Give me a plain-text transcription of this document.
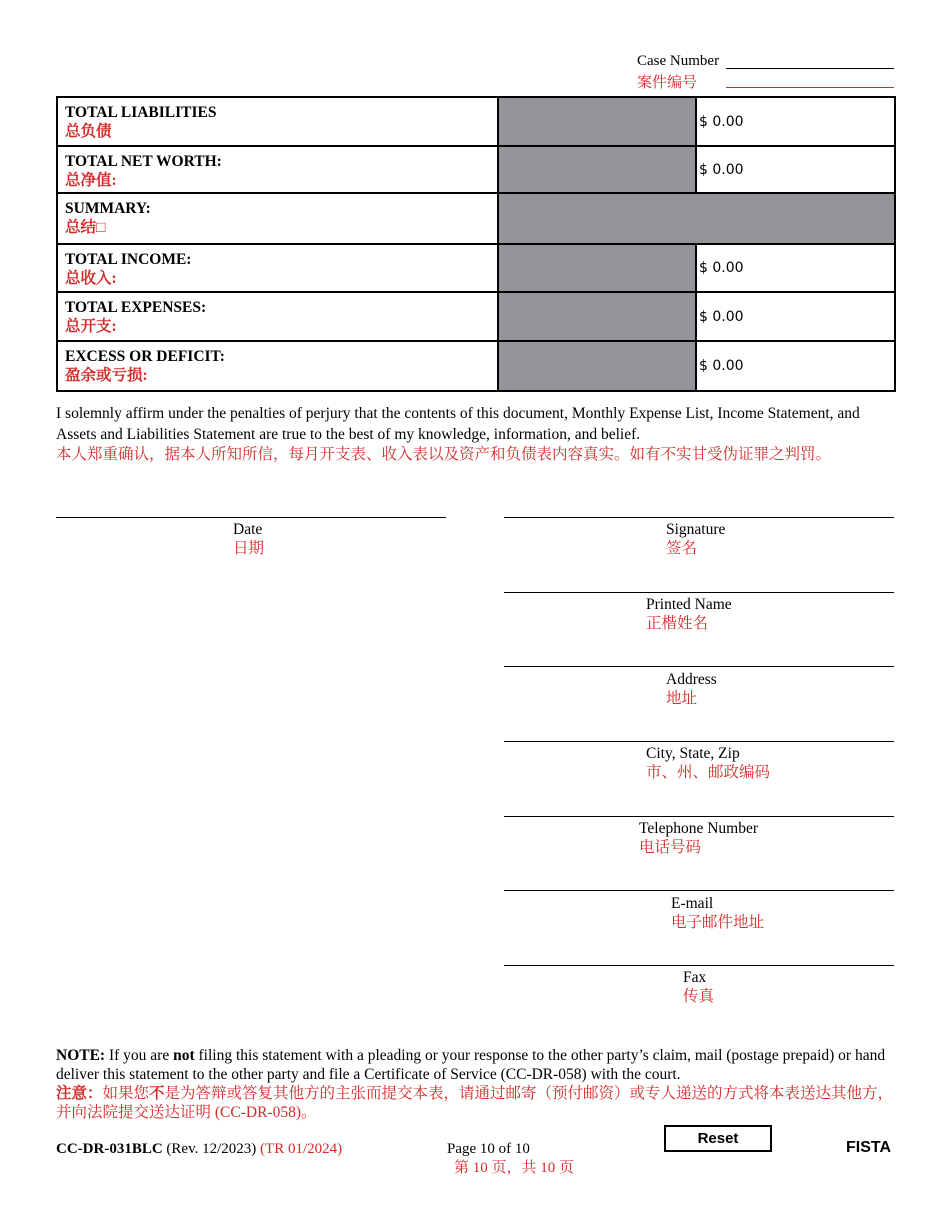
Case Number
案件编号
TOTAL LIABILITIES
总负债		$ 0.00

TOTAL NET WORTH:
总净值:		$ 0.00

SUMMARY:
总结□		

TOTAL INCOME:
总收入:		$ 0.00

TOTAL EXPENSES:
总开支:		$ 0.00

EXCESS OR DEFICIT:
盈余或亏损:		$ 0.00
I solemnly affirm under the penalties of perjury that the contents of this document, Monthly Expense List, Income Statement, and Assets and Liabilities Statement are true to the best of my knowledge, information, and belief.
本人郑重确认，据本人所知所信，每月开支表、收入表以及资产和负债表内容真实。如有不实甘受伪证罪之判罚。
Date
日期
Signature
签名
Printed Name
正楷姓名
Address
地址
City, State, Zip
市、州、邮政编码
Telephone Number
电话号码
E-mail
电子邮件地址
Fax
传真
NOTE: If you are not filing this statement with a pleading or your response to the other party’s claim, mail (postage prepaid) or hand deliver this statement to the other party and file a Certificate of Service (CC-DR-058) with the court.
注意：如果您不是为答辩或答复其他方的主张而提交本表，请通过邮寄（预付邮资）或专人递送的方式将本表送达其他方，并向法院提交送达证明 (CC-DR-058)。
CC-DR-031BLC (Rev. 12/2023) (TR 01/2024)	Page 10 of 10
第 10 页，共 10 页
Reset
FISTA
